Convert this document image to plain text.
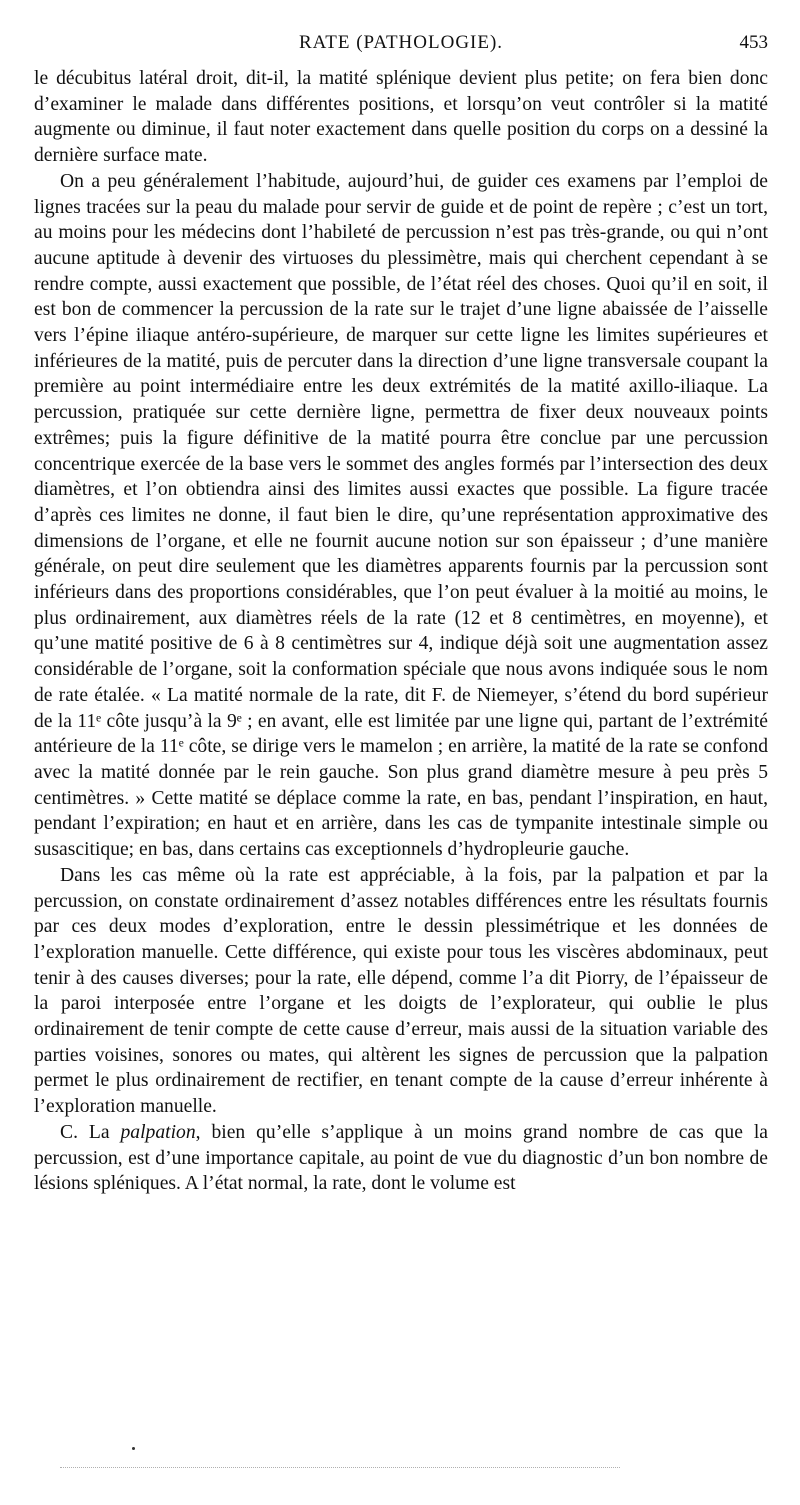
RATE (PATHOLOGIE).	453

le décubitus latéral droit, dit-il, la matité splénique devient plus petite; on fera bien donc d’examiner le malade dans différentes positions, et lorsqu’on veut contrôler si la matité augmente ou diminue, il faut noter exactement dans quelle position du corps on a dessiné la dernière surface mate.

On a peu généralement l’habitude, aujourd’hui, de guider ces examens par l’emploi de lignes tracées sur la peau du malade pour servir de guide et de point de repère ; c’est un tort, au moins pour les médecins dont l’habileté de percussion n’est pas très-grande, ou qui n’ont aucune aptitude à devenir des virtuoses du plessimètre, mais qui cherchent cependant à se rendre compte, aussi exactement que possible, de l’état réel des choses. Quoi qu’il en soit, il est bon de commencer la percussion de la rate sur le trajet d’une ligne abaissée de l’aisselle vers l’épine iliaque antéro-supérieure, de marquer sur cette ligne les limites supérieures et inférieures de la matité, puis de percuter dans la direction d’une ligne transversale coupant la première au point intermédiaire entre les deux extrémités de la matité axillo-iliaque. La percussion, pratiquée sur cette dernière ligne, permettra de fixer deux nouveaux points extrêmes; puis la figure définitive de la matité pourra être conclue par une percussion concentrique exercée de la base vers le sommet des angles formés par l’intersection des deux diamètres, et l’on obtiendra ainsi des limites aussi exactes que possible. La figure tracée d’après ces limites ne donne, il faut bien le dire, qu’une représentation approximative des dimensions de l’organe, et elle ne fournit aucune notion sur son épaisseur ; d’une manière générale, on peut dire seulement que les diamètres apparents fournis par la percussion sont inférieurs dans des proportions considérables, que l’on peut évaluer à la moitié au moins, le plus ordinairement, aux diamètres réels de la rate (12 et 8 centimètres, en moyenne), et qu’une matité positive de 6 à 8 centimètres sur 4, indique déjà soit une augmentation assez considérable de l’organe, soit la conformation spéciale que nous avons indiquée sous le nom de rate étalée. « La matité normale de la rate, dit F. de Niemeyer, s’étend du bord supérieur de la 11ᵉ côte jusqu’à la 9ᵉ ; en avant, elle est limitée par une ligne qui, partant de l’extrémité antérieure de la 11ᵉ côte, se dirige vers le mamelon ; en arrière, la matité de la rate se confond avec la matité donnée par le rein gauche. Son plus grand diamètre mesure à peu près 5 centimètres. » Cette matité se déplace comme la rate, en bas, pendant l’inspiration, en haut, pendant l’expiration; en haut et en arrière, dans les cas de tympanite intestinale simple ou susascitique; en bas, dans certains cas exceptionnels d’hydropleurie gauche.

Dans les cas même où la rate est appréciable, à la fois, par la palpation et par la percussion, on constate ordinairement d’assez notables différences entre les résultats fournis par ces deux modes d’exploration, entre le dessin plessimétrique et les données de l’exploration manuelle. Cette différence, qui existe pour tous les viscères abdominaux, peut tenir à des causes diverses; pour la rate, elle dépend, comme l’a dit Piorry, de l’épaisseur de la paroi interposée entre l’organe et les doigts de l’explorateur, qui oublie le plus ordinairement de tenir compte de cette cause d’erreur, mais aussi de la situation variable des parties voisines, sonores ou mates, qui altèrent les signes de percussion que la palpation permet le plus ordinairement de rectifier, en tenant compte de la cause d’erreur inhérente à l’exploration manuelle.

C. La palpation, bien qu’elle s’applique à un moins grand nombre de cas que la percussion, est d’une importance capitale, au point de vue du diagnostic d’un bon nombre de lésions spléniques. A l’état normal, la rate, dont le volume est
